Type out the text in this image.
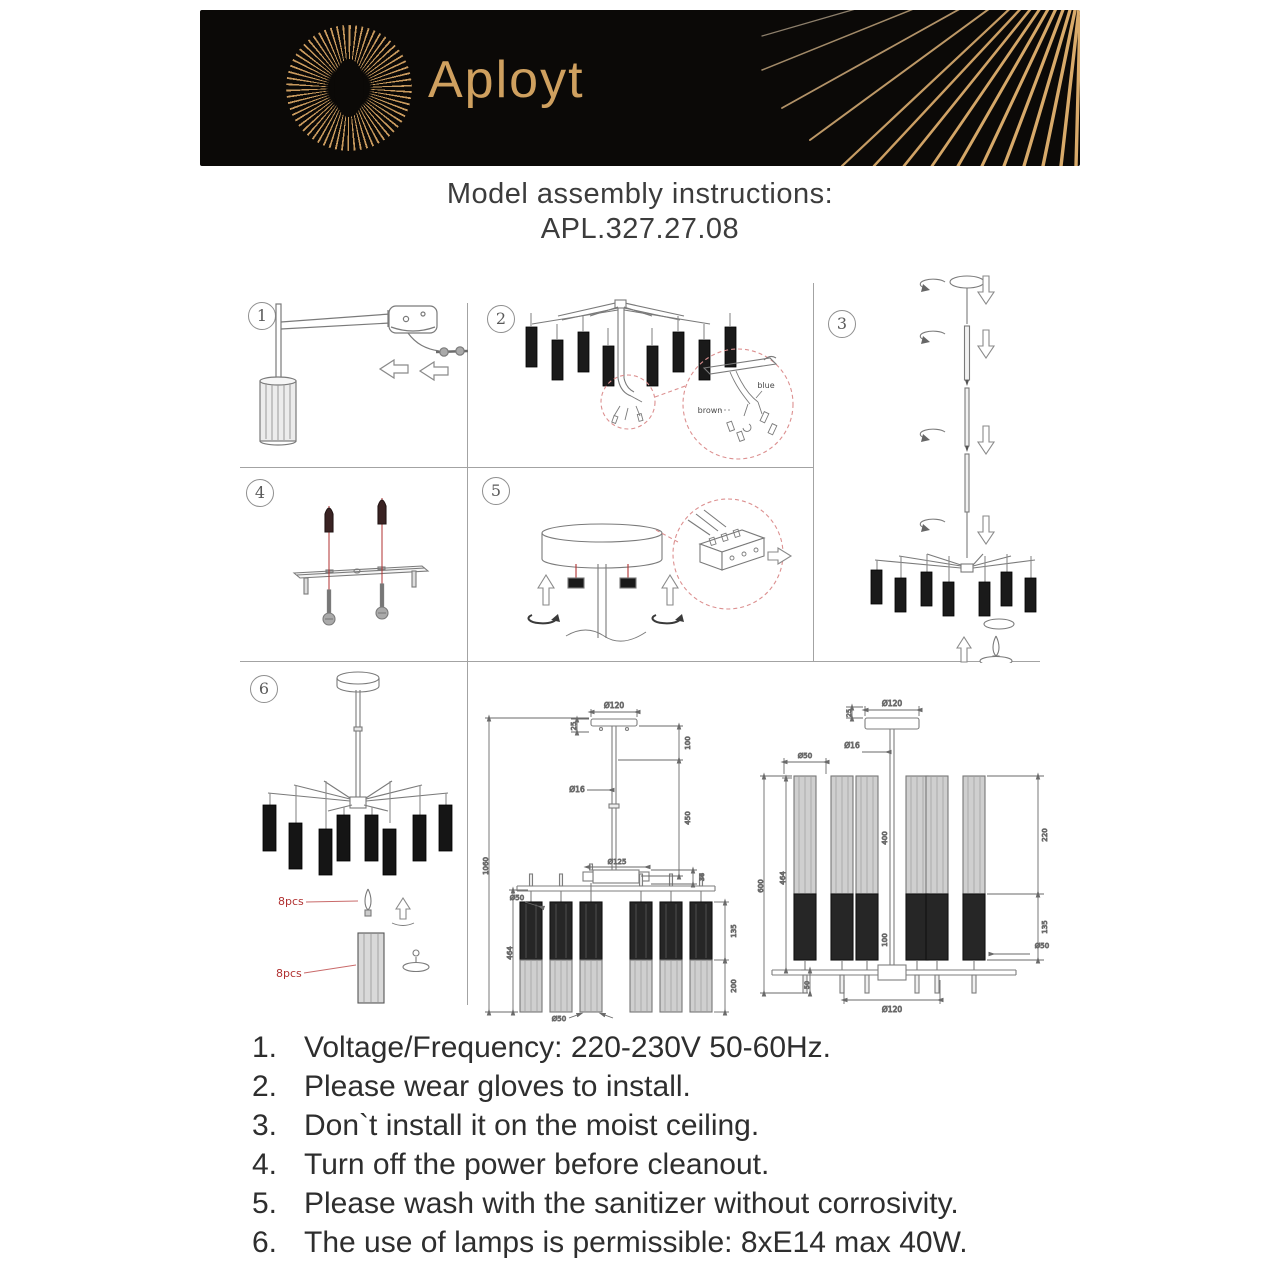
Aployt
Model assembly instructions:
APL.327.27.08
1	2	3
4	5
6
blue
brown
8pcs
8pcs
Ø120
25
Ø16
100
450
Ø125
36
1060
464
Ø50
135
200
Ø50
25
Ø120
Ø16
Ø50
400
100
600
464
50
Ø120
220
135
Ø50
1. Voltage/Frequency: 220-230V 50-60Hz.
2. Please wear gloves to install.
3. Don`t install it on the moist ceiling.
4. Turn off the power before cleanout.
5. Please wash with the sanitizer without corrosivity.
6. The use of lamps is permissible: 8xE14 max 40W.
